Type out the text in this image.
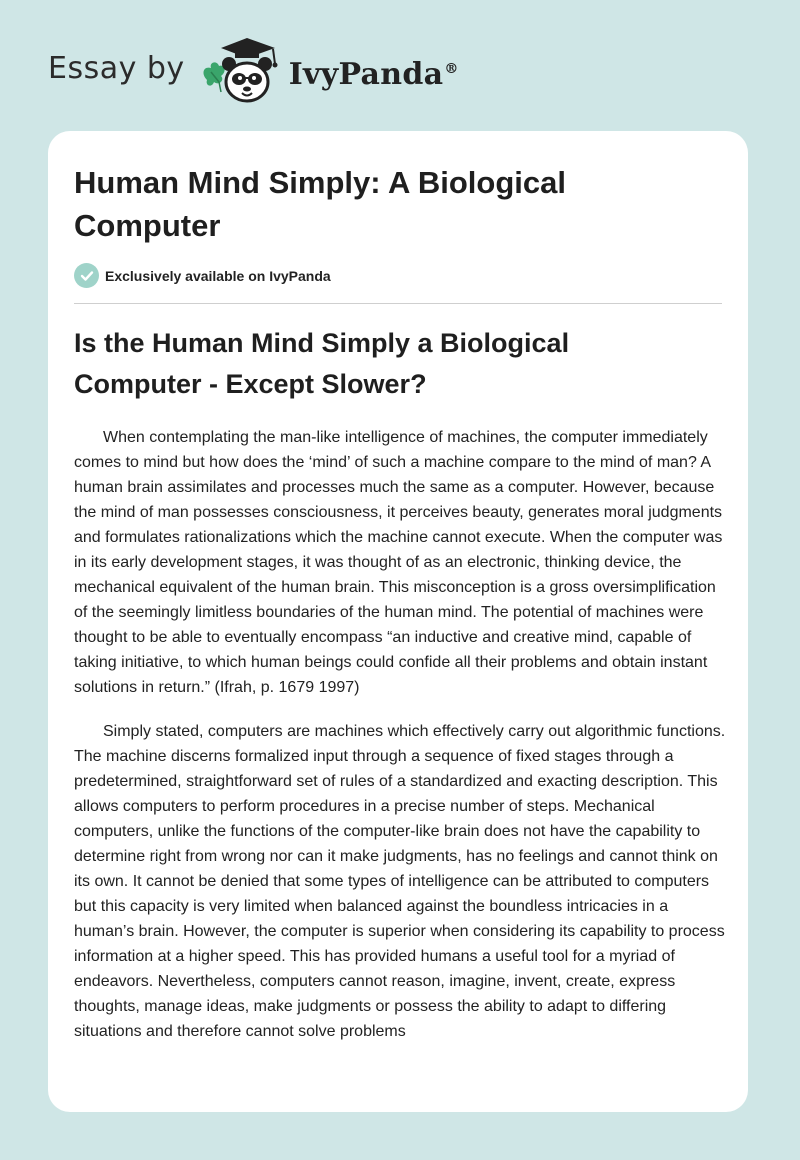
Essay by	IvyPanda®
Human Mind Simply: A Biological Computer
Exclusively available on IvyPanda
Is the Human Mind Simply a Biological Computer - Except Slower?

When contemplating the man-like intelligence of machines, the computer immediately comes to mind but how does the ‘mind’ of such a machine compare to the mind of man? A human brain assimilates and processes much the same as a computer. However, because the mind of man possesses consciousness, it perceives beauty, generates moral judgments and formulates rationalizations which the machine cannot execute. When the computer was in its early development stages, it was thought of as an electronic, thinking device, the mechanical equivalent of the human brain. This misconception is a gross oversimplification of the seemingly limitless boundaries of the human mind. The potential of machines were thought to be able to eventually encompass “an inductive and creative mind, capable of taking initiative, to which human beings could confide all their problems and obtain instant solutions in return.” (Ifrah, p. 1679 1997)

Simply stated, computers are machines which effectively carry out algorithmic functions. The machine discerns formalized input through a sequence of fixed stages through a predetermined, straightforward set of rules of a standardized and exacting description. This allows computers to perform procedures in a precise number of steps. Mechanical computers, unlike the functions of the computer-like brain does not have the capability to determine right from wrong nor can it make judgments, has no feelings and cannot think on its own. It cannot be denied that some types of intelligence can be attributed to computers but this capacity is very limited when balanced against the boundless intricacies in a human’s brain. However, the computer is superior when considering its capability to process information at a higher speed. This has provided humans a useful tool for a myriad of endeavors. Nevertheless, computers cannot reason, imagine, invent, create, express thoughts, manage ideas, make judgments or possess the ability to adapt to differing situations and therefore cannot solve problems
